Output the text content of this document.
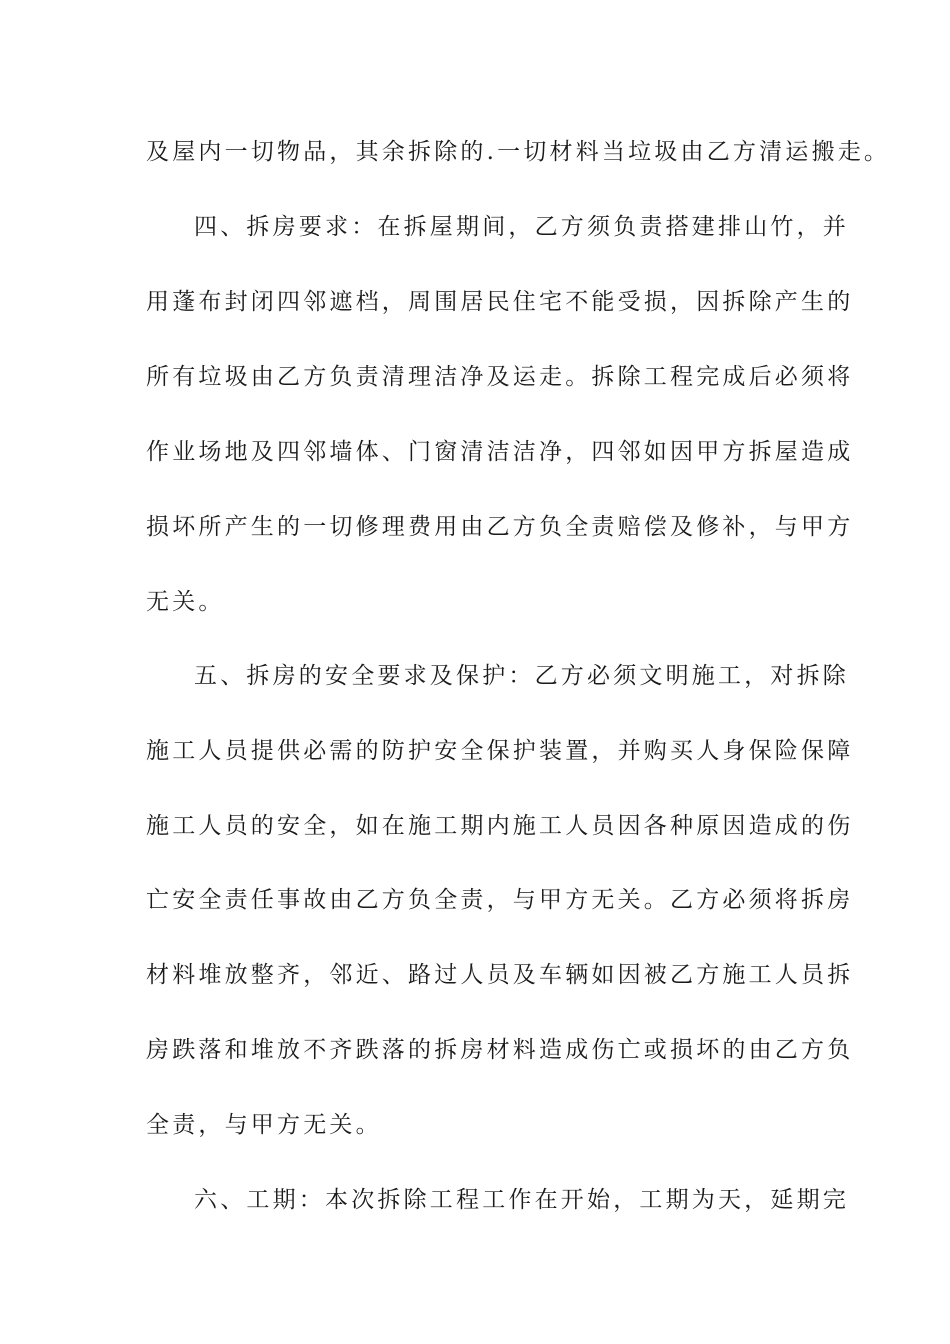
及屋内一切物品，其余拆除的.一切材料当垃圾由乙方清运搬走。
四、拆房要求：在拆屋期间，乙方须负责搭建排山竹，并
用蓬布封闭四邻遮档，周围居民住宅不能受损，因拆除产生的
所有垃圾由乙方负责清理洁净及运走。拆除工程完成后必须将
作业场地及四邻墙体、门窗清洁洁净，四邻如因甲方拆屋造成
损坏所产生的一切修理费用由乙方负全责赔偿及修补，与甲方
无关。
五、拆房的安全要求及保护：乙方必须文明施工，对拆除
施工人员提供必需的防护安全保护装置，并购买人身保险保障
施工人员的安全，如在施工期内施工人员因各种原因造成的伤
亡安全责任事故由乙方负全责，与甲方无关。乙方必须将拆房
材料堆放整齐，邻近、路过人员及车辆如因被乙方施工人员拆
房跌落和堆放不齐跌落的拆房材料造成伤亡或损坏的由乙方负
全责，与甲方无关。
六、工期：本次拆除工程工作在开始，工期为天，延期完
